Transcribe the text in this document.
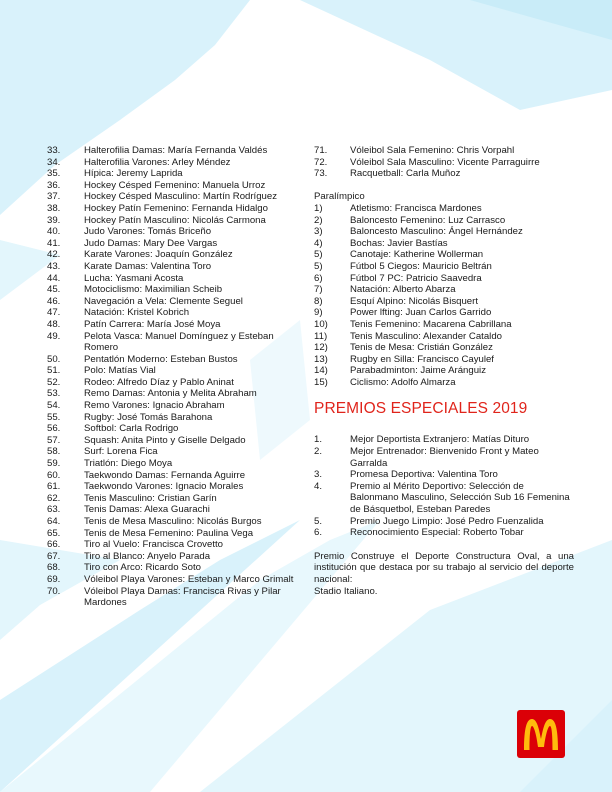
33.	Halterofilia Damas: María Fernanda Valdés
34.	Halterofilia Varones: Arley Méndez
35.	Hípica: Jeremy Laprida
36.	Hockey Césped Femenino: Manuela Urroz
37.	Hockey Césped Masculino: Martín Rodríguez
38.	Hockey Patín Femenino: Fernanda Hidalgo
39.	Hockey Patín Masculino: Nicolás Carmona
40.	Judo Varones: Tomás Briceño
41.	Judo Damas: Mary Dee Vargas
42.	Karate Varones: Joaquín González
43.	Karate Damas: Valentina Toro
44.	Lucha: Yasmani Acosta
45.	Motociclismo: Maximilian Scheib
46.	Navegación a Vela: Clemente Seguel
47.	Natación: Kristel Kobrich
48.	Patín Carrera: María José Moya
49.	Pelota Vasca: Manuel Domínguez y Esteban Romero
50.	Pentatlón Moderno: Esteban Bustos
51.	Polo: Matías Vial
52.	Rodeo: Alfredo Díaz y Pablo Aninat
53.	Remo Damas: Antonia y Melita Abraham
54.	Remo Varones: Ignacio Abraham
55.	Rugby: José Tomás Barahona
56.	Softbol: Carla Rodrigo
57.	Squash: Anita Pinto y Giselle Delgado
58.	Surf: Lorena Fica
59.	Triatlón: Diego Moya
60.	Taekwondo Damas: Fernanda Aguirre
61.	Taekwondo Varones: Ignacio Morales
62.	Tenis Masculino: Cristian Garín
63.	Tenis Damas: Alexa Guarachi
64.	Tenis de Mesa Masculino: Nicolás Burgos
65.	Tenis de Mesa Femenino: Paulina Vega
66.	Tiro al Vuelo: Francisca Crovetto
67.	Tiro al Blanco: Anyelo Parada
68.	Tiro con Arco: Ricardo Soto
69.	Vóleibol Playa Varones: Esteban y Marco Grimalt
70.	Vóleibol Playa Damas: Francisca Rivas y Pilar Mardones
71.	Vóleibol Sala Femenino: Chris Vorpahl
72.	Vóleibol Sala Masculino: Vicente Parraguirre
73.	Racquetball: Carla Muñoz
Paralímpico
1)	Atletismo: Francisca Mardones
2)	Baloncesto Femenino: Luz Carrasco
3)	Baloncesto Masculino: Ángel Hernández
4)	Bochas: Javier Bastías
5)	Canotaje: Katherine Wollerman
5)	Fútbol 5 Ciegos: Mauricio Beltrán
6)	Fútbol 7 PC: Patricio Saavedra
7)	Natación: Alberto Abarza
8)	Esquí Alpino: Nicolás Bisquert
9)	Power lfting: Juan Carlos Garrido
10)	Tenis Femenino: Macarena Cabrillana
11)	Tenis Masculino: Alexander Cataldo
12)	Tenis de Mesa: Cristián González
13)	Rugby en Silla: Francisco Cayulef
14)	Parabadminton: Jaime Aránguiz
15)	Ciclismo: Adolfo Almarza
PREMIOS ESPECIALES 2019
1.	Mejor Deportista Extranjero: Matías Dituro
2.	Mejor Entrenador: Bienvenido Front y Mateo Garralda
3.	Promesa Deportiva: Valentina Toro
4.	Premio al Mérito Deportivo: Selección de Balonmano Masculino, Selección Sub 16 Femenina de Básquetbol, Esteban Paredes
5.	Premio Juego Limpio: José Pedro Fuenzalida
6.	Reconocimiento Especial: Roberto Tobar
Premio Construye el Deporte Constructura Oval, a una institución que destaca por su trabajo al servicio del deporte nacional:
Stadio Italiano.
